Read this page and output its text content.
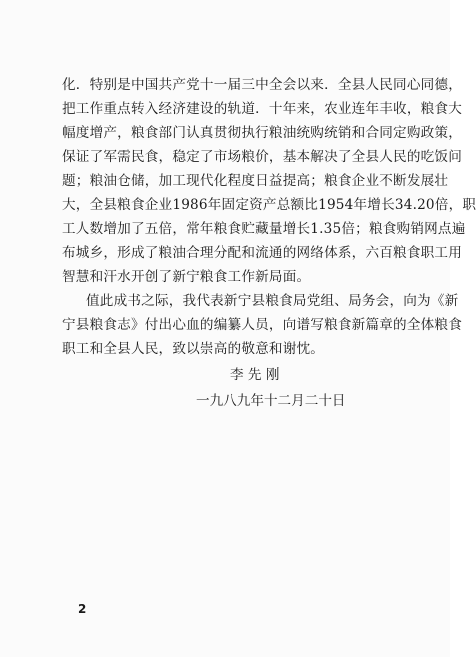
化．特别是中国共产党十一届三中全会以来．全县人民同心同德，
把工作重点转入经济建设的轨道．十年来，农业连年丰收，粮食大
幅度增产，粮食部门认真贯彻执行粮油统购统销和合同定购政策，
保证了军需民食，稳定了市场粮价，基本解决了全县人民的吃饭问
题；粮油仓储，加工现代化程度日益提高；粮食企业不断发展壮
大，全县粮食企业1986年固定资产总额比1954年增长34.20倍，职
工人数增加了五倍，常年粮食贮藏量增长1.35倍；粮食购销网点遍
布城乡，形成了粮油合理分配和流通的网络体系，六百粮食职工用
智慧和汗水开创了新宁粮食工作新局面。
值此成书之际，我代表新宁县粮食局党组、局务会，向为《新
宁县粮食志》付出心血的编纂人员，向谱写粮食新篇章的全体粮食
职工和全县人民，致以崇高的敬意和谢忱。
李 先 刚
一九八九年十二月二十日
2
